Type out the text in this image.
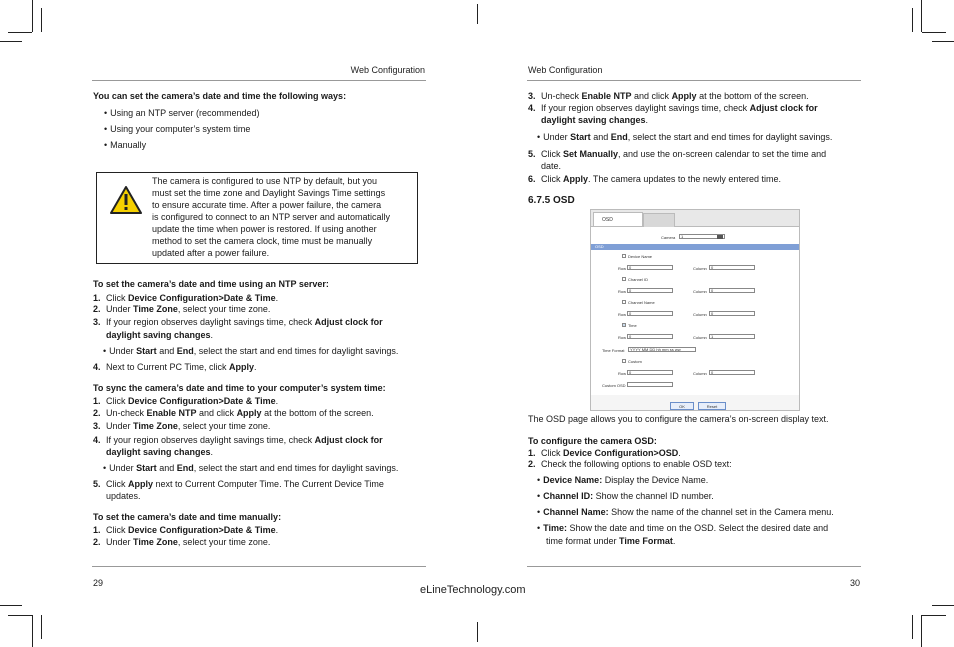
Web Configuration
You can set the camera’s date and time the following ways:
• Using an NTP server (recommended)
• Using your computer’s system time
• Manually
The camera is configured to use NTP by default, but you
must set the time zone and Daylight Savings Time settings
to ensure accurate time. After a power failure, the camera
is configured to connect to an NTP server and automatically
update the time when power is restored. If using another
method to set the camera clock, time must be manually
updated after a power failure.
To set the camera’s date and time using an NTP server:
1. Click Device Configuration>Date & Time.
2. Under Time Zone, select your time zone.
3. If your region observes daylight savings time, check Adjust clock for
daylight saving changes.
• Under Start and End, select the start and end times for daylight savings.
4. Next to Current PC Time, click Apply.
To sync the camera’s date and time to your computer’s system time:
1. Click Device Configuration>Date & Time.
2. Un-check Enable NTP and click Apply at the bottom of the screen.
3. Under Time Zone, select your time zone.
4. If your region observes daylight savings time, check Adjust clock for
daylight saving changes.
• Under Start and End, select the start and end times for daylight savings.
5. Click Apply next to Current Computer Time. The Current Device Time
updates.
To set the camera’s date and time manually:
1. Click Device Configuration>Date & Time.
2. Under Time Zone, select your time zone.
29
Web Configuration
3. Un-check Enable NTP and click Apply at the bottom of the screen.
4. If your region observes daylight savings time, check Adjust clock for
daylight saving changes.
• Under Start and End, select the start and end times for daylight savings.
5. Click Set Manually, and use the on-screen calendar to set the time and
date.
6. Click Apply. The camera updates to the newly entered time.
6.7.5 OSD
OSD
Camera	1
OSD
Device Name
Row 0	Column	0
Channel ID
Row 0	Column	0
Channel Name
Row 0	Column	0
Time
Row 0	Column	1
Time Format	YYYY MM DD hh mm ss ww
Custom
Row 0	Column	0
Custom OSD
OK	Reset
The OSD page allows you to configure the camera’s on-screen display text.
To configure the camera OSD:
1. Click Device Configuration>OSD.
2. Check the following options to enable OSD text:
• Device Name: Display the Device Name.
• Channel ID: Show the channel ID number.
• Channel Name: Show the name of the channel set in the Camera menu.
• Time: Show the date and time on the OSD. Select the desired date and
time format under Time Format.
30
eLineTechnology.com
